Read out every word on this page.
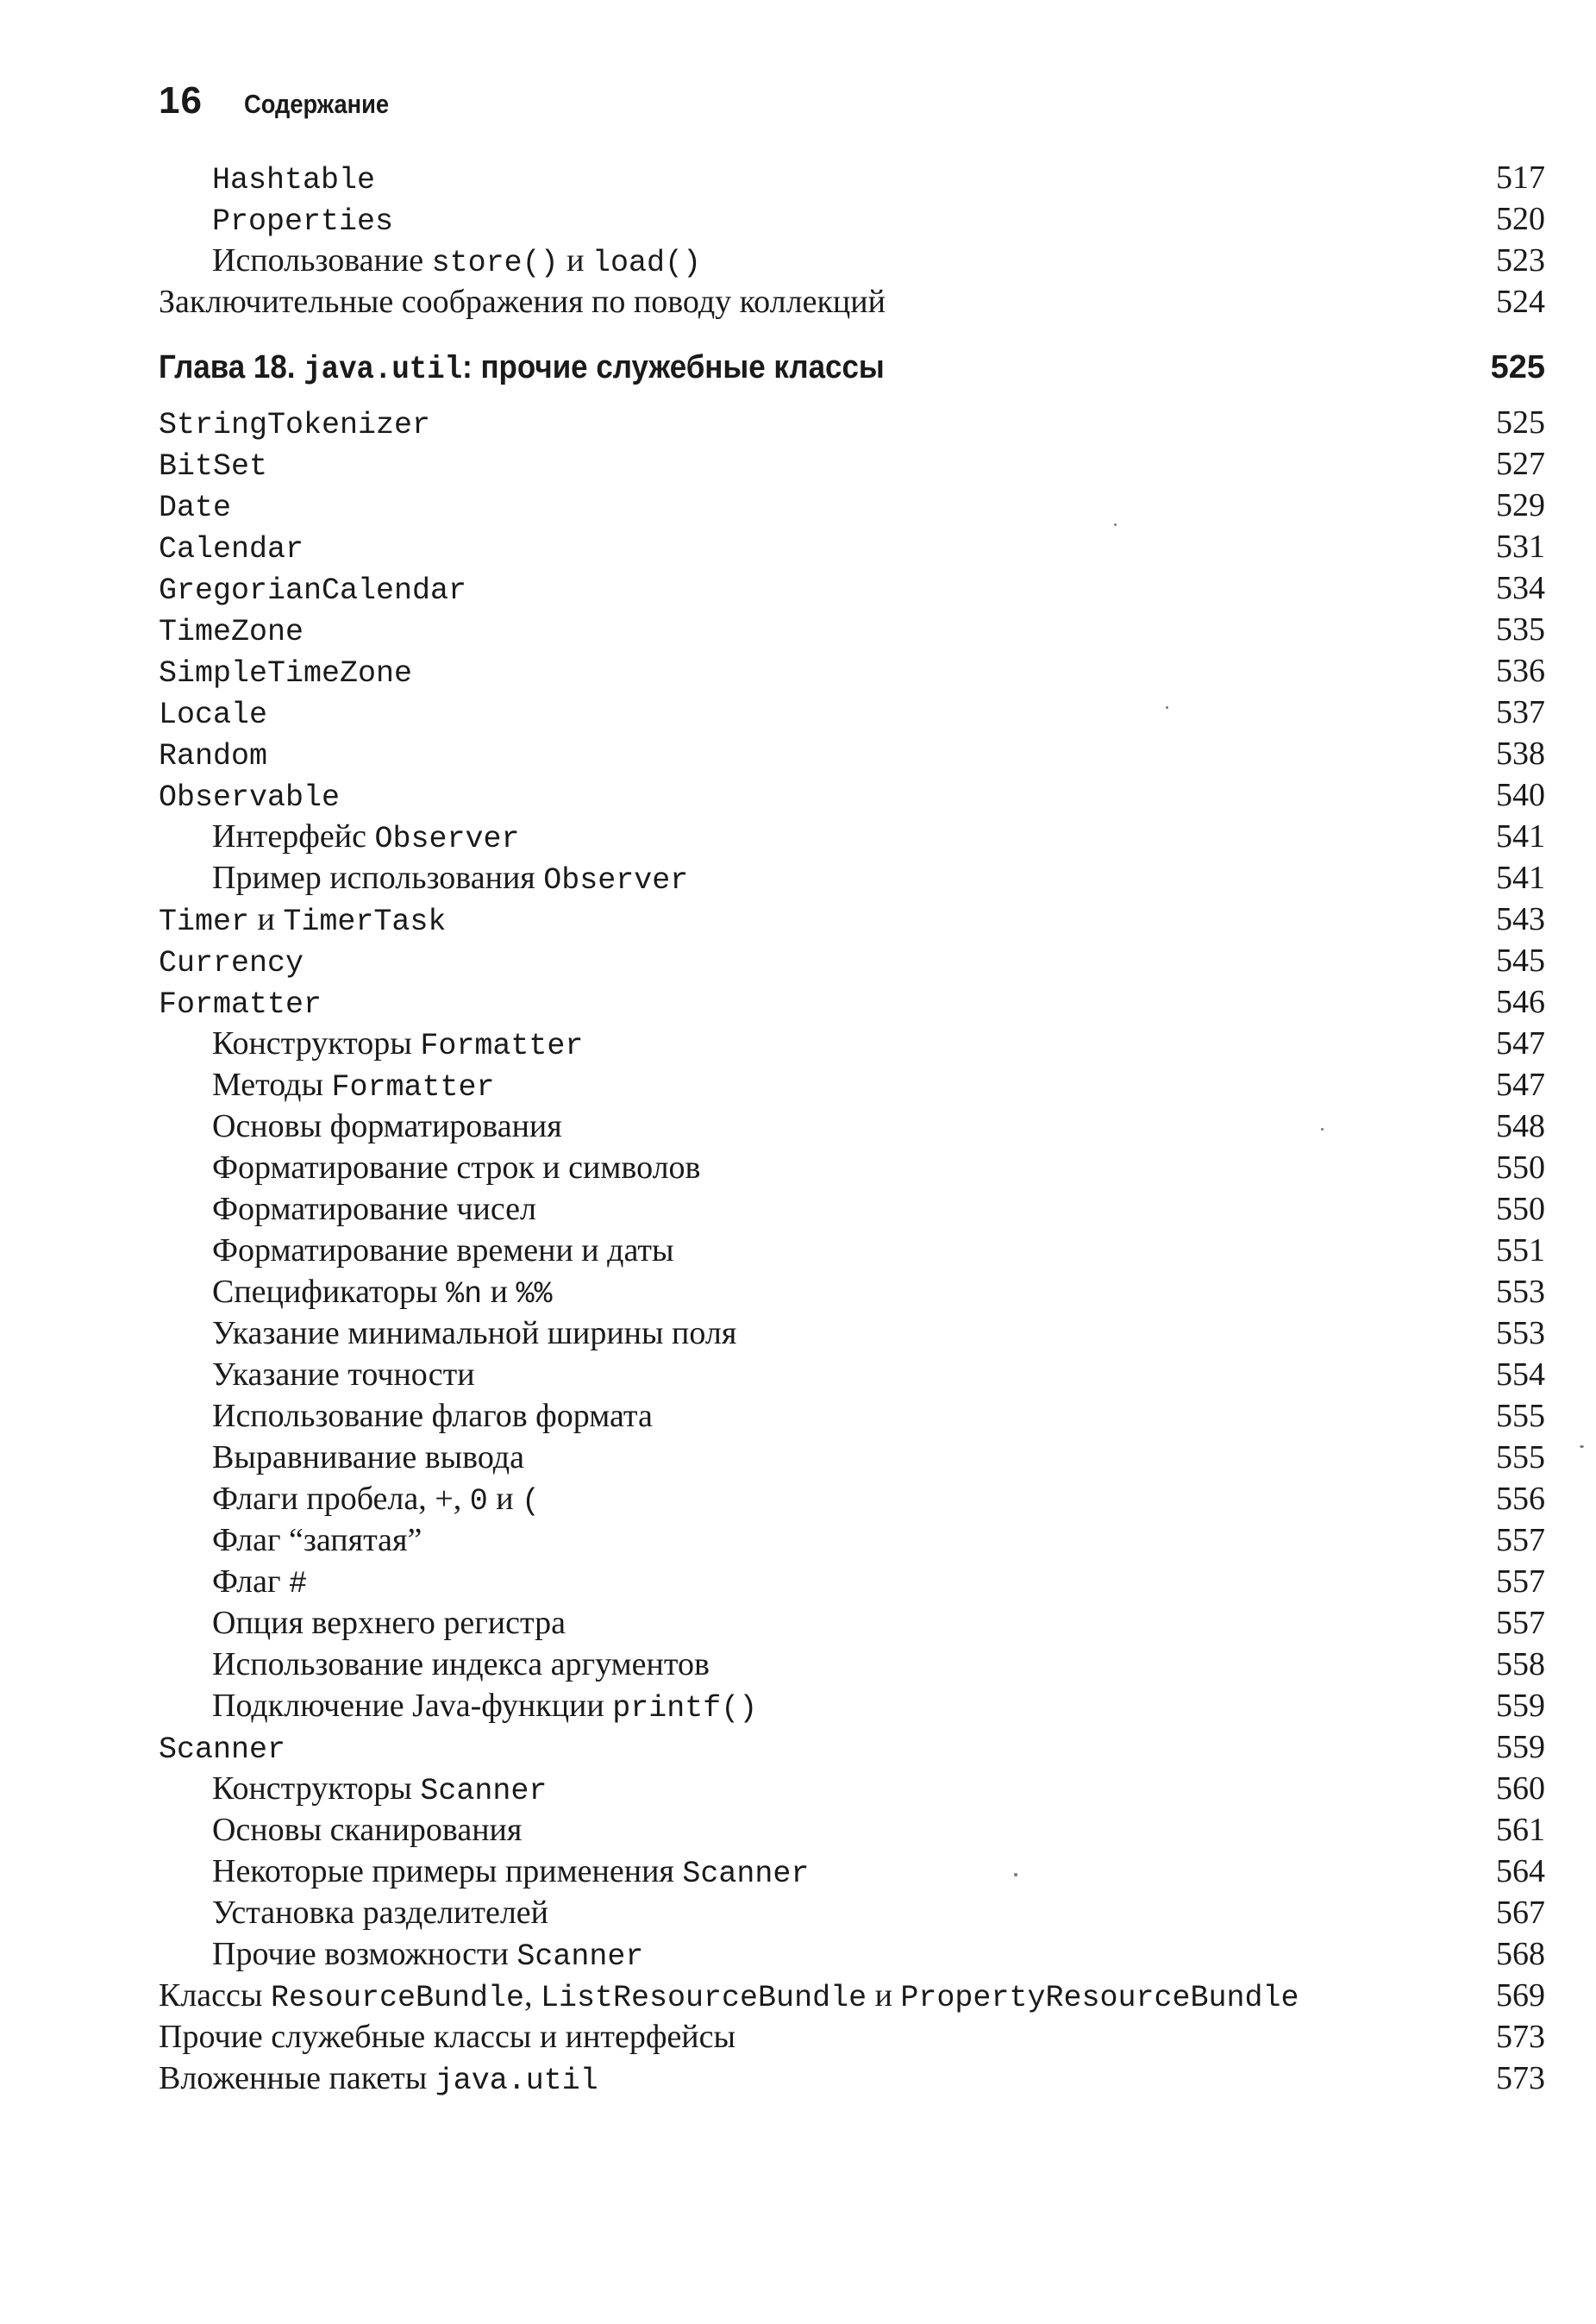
16 Содержание
Hashtable	517
Properties	520
Использование store() и load()	523
Заключительные соображения по поводу коллекций	524
Глава 18. java.util: прочие служебные классы	525
StringTokenizer	525
BitSet	527
Date	529
Calendar	531
GregorianCalendar	534
TimeZone	535
SimpleTimeZone	536
Locale	537
Random	538
Observable	540
Интерфейс Observer	541
Пример использования Observer	541
Timer и TimerTask	543
Currency	545
Formatter	546
Конструкторы Formatter	547
Методы Formatter	547
Основы форматирования	548
Форматирование строк и символов	550
Форматирование чисел	550
Форматирование времени и даты	551
Спецификаторы %n и %%	553
Указание минимальной ширины поля	553
Указание точности	554
Использование флагов формата	555
Выравнивание вывода	555
Флаги пробела, +, 0 и (	556
Флаг “запятая”	557
Флаг #	557
Опция верхнего регистра	557
Использование индекса аргументов	558
Подключение Java-функции printf()	559
Scanner	559
Конструкторы Scanner	560
Основы сканирования	561
Некоторые примеры применения Scanner	564
Установка разделителей	567
Прочие возможности Scanner	568
Классы ResourceBundle, ListResourceBundle и PropertyResourceBundle	569
Прочие служебные классы и интерфейсы	573
Вложенные пакеты java.util	573
